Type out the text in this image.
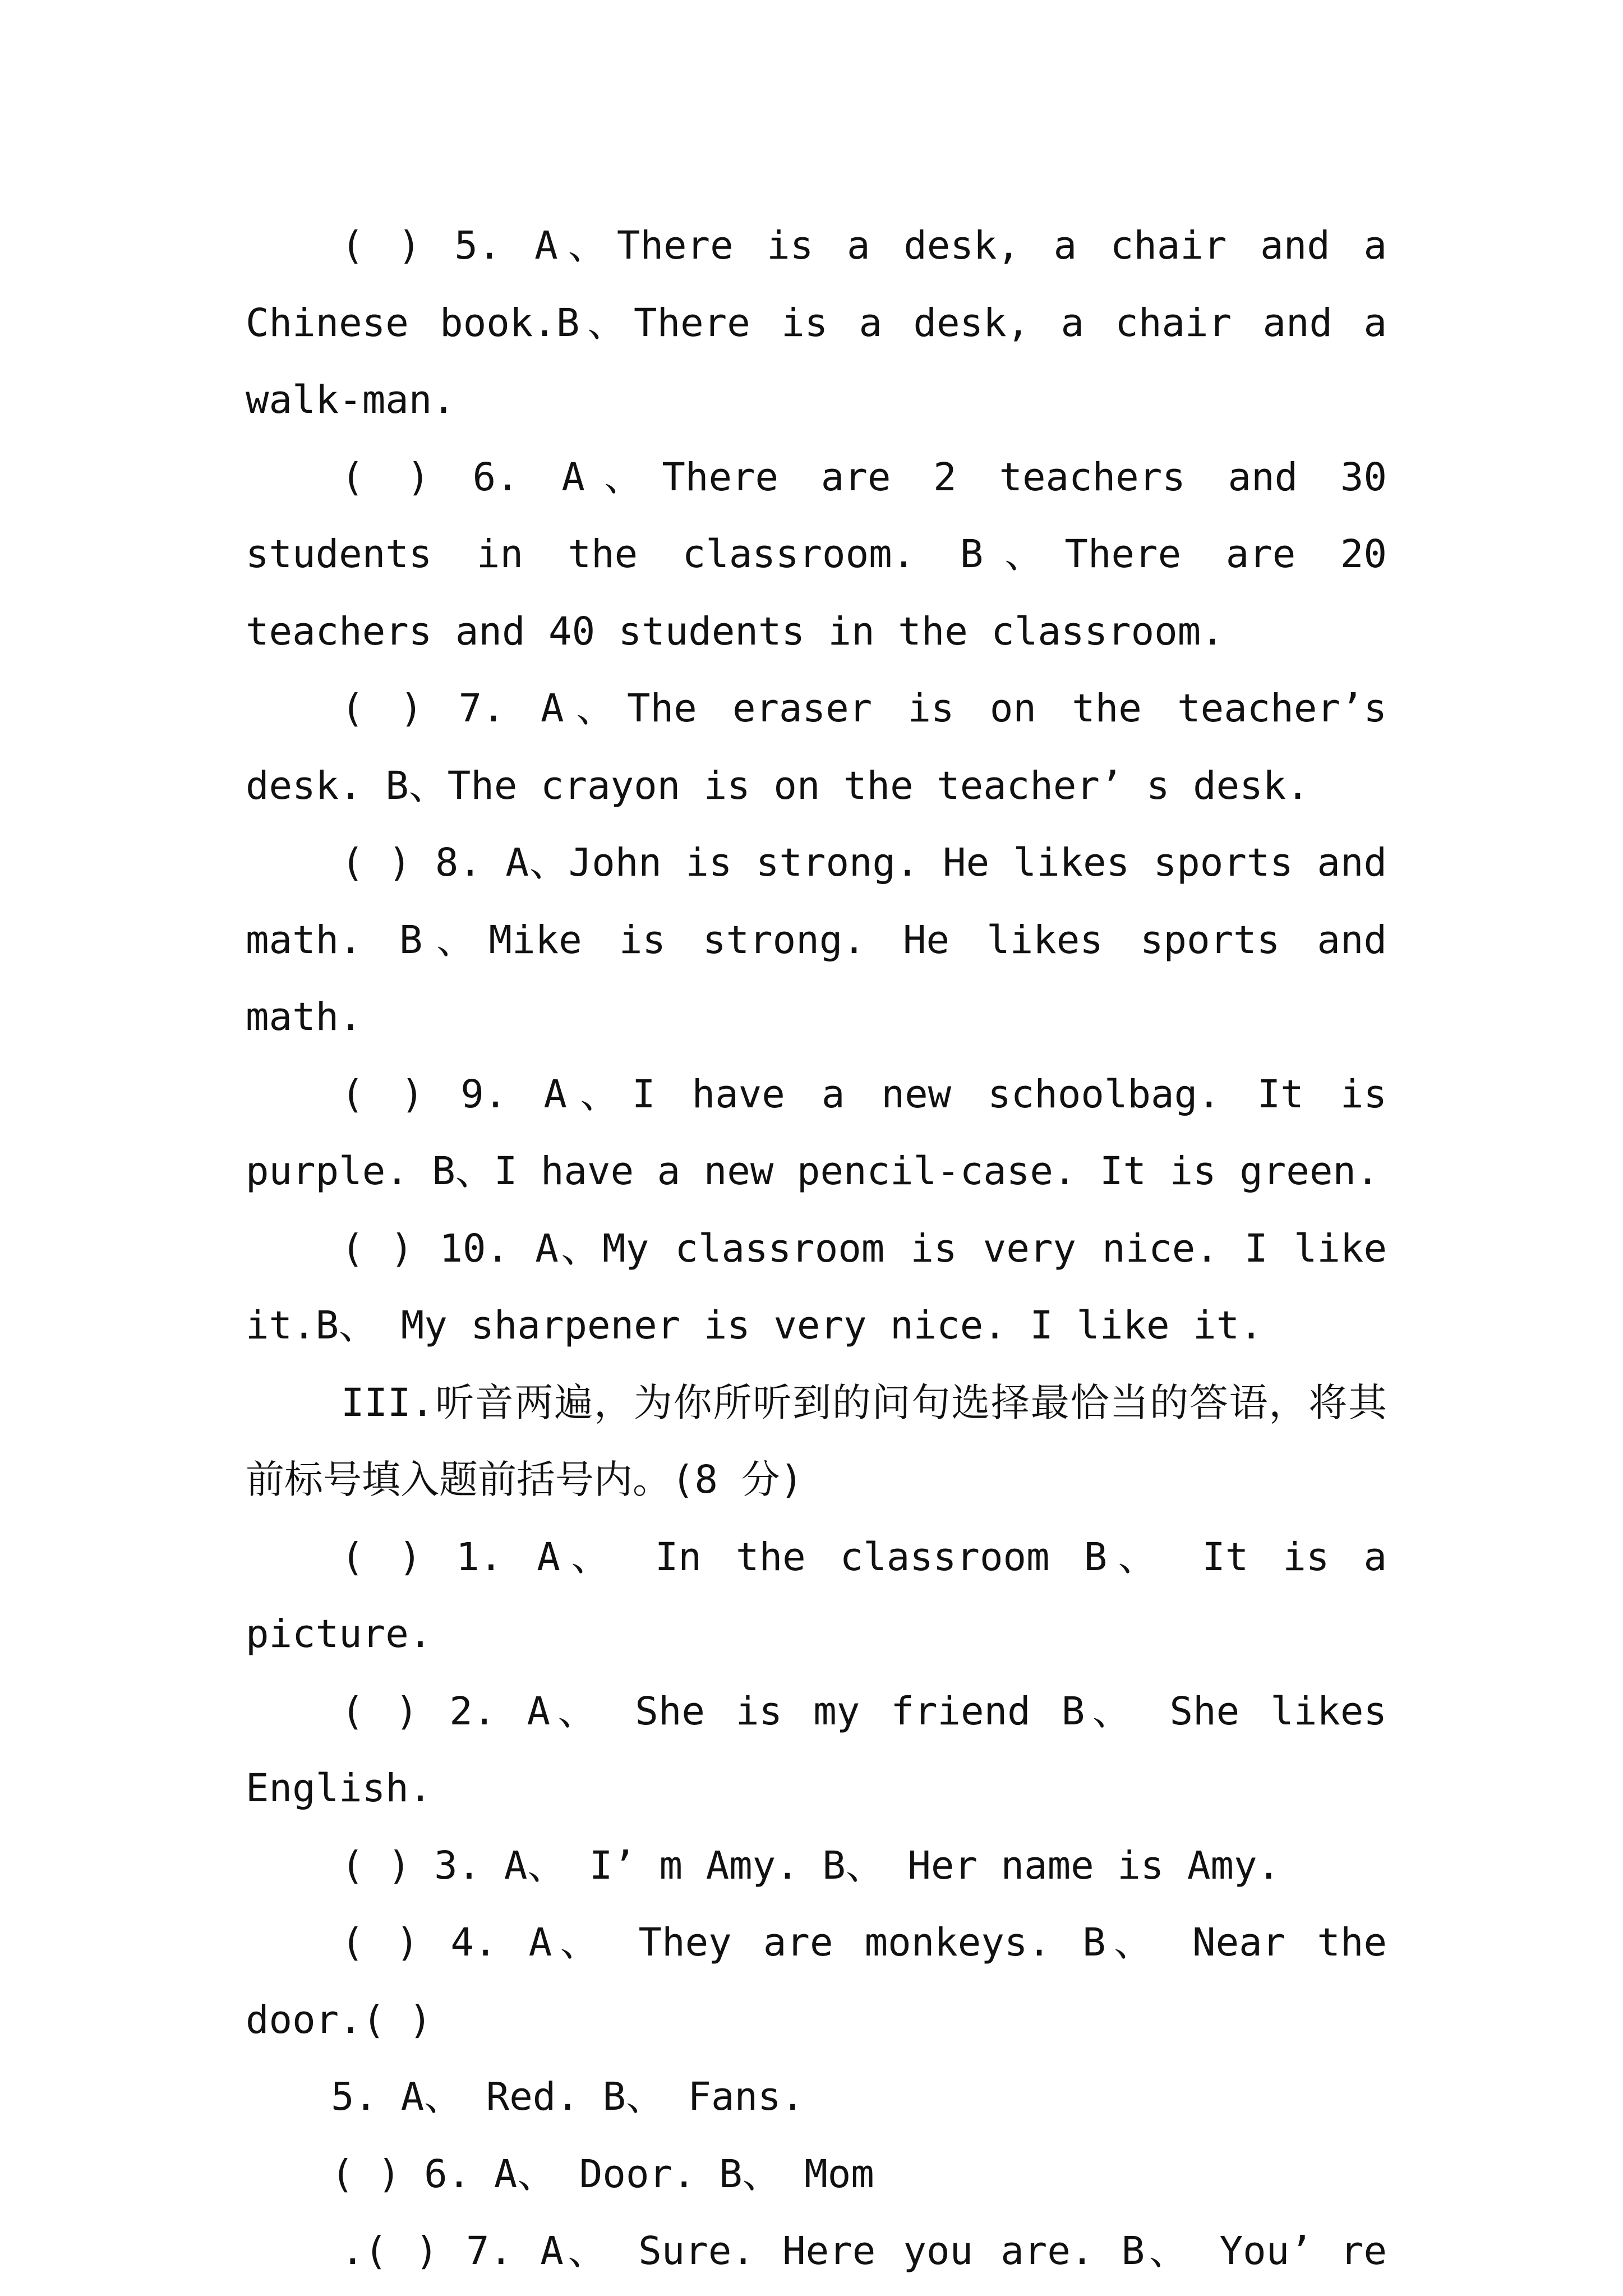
( ) 5. A、There is a desk, a chair and a Chinese book.B、There is a desk, a chair and a walk-man.

( ) 6. A、There are 2 teachers and 30 students in the classroom. B、There are 20 teachers and 40 students in the classroom.

( ) 7. A、The eraser is on the teacher’s desk. B、The crayon is on the teacher’ s desk.

( ) 8. A、John is strong. He likes sports and math. B、Mike is strong. He likes sports and math.

( ) 9. A、I have a new schoolbag. It is purple. B、I have a new pencil-case. It is green.

( ) 10. A、My classroom is very nice. I like it.B、 My sharpener is very nice. I like it.

III.听音两遍，为你所听到的问句选择最恰当的答语，将其前标号填入题前括号内。(8 分)

( ) 1. A、 In the classroom B、 It is a picture.

( ) 2. A、 She is my friend B、 She likes English.

( ) 3. A、 I’ m Amy. B、 Her name is Amy.

( ) 4. A、 They are monkeys. B、 Near the door.( )

5. A、 Red. B、 Fans.

( ) 6. A、 Door. B、 Mom

.( ) 7. A、 Sure. Here you are. B、 You’ re
